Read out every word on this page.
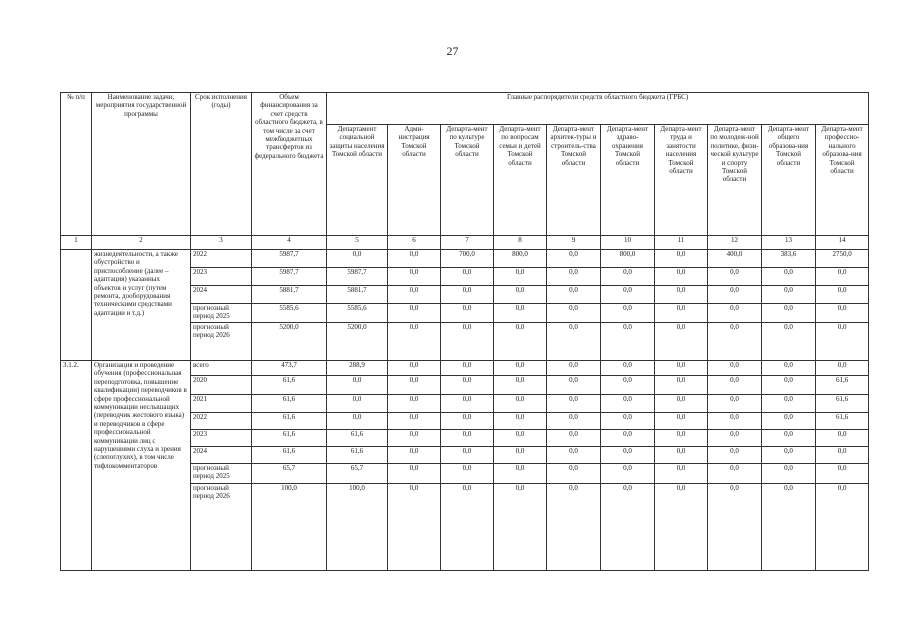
27
№ п/п	Наименование задачи, мероприятия государственной программы	Срок исполнения (годы)	Объем финансирования за счет средств областного бюджета, в том числе за счет межбюджетных трансфертов из федерального бюджета	Главные распорядители средств областного бюджета (ГРБС)									
				Департамент социальной защиты населения Томской области	Адми-нистрация Томской области	Департа-мент по культуре Томской области	Департа-мент по вопросам семьи и детей Томской области	Департа-мент архитек-туры и строитель-ства Томской области	Департа-мент здраво-охранения Томской области	Департа-мент труда и занятости населения Томской области	Департа-мент по молодеж-ной политике, физи-ческой культуре и спорту Томской области	Департа-мент общего образова-ния Томской области	Департа-мент профессио-нального образова-ния Томской области
1	2	3	4	5	6	7	8	9	10	11	12	13	14
	жизнедеятельности, а также обустройство и приспособление (далее – адаптация) указанных объектов и услуг (путем ремонта, дооборудования техническими средствами адаптации и т.д.)	2022	5987,7	0,0	0,0	700,0	800,0	0,0	800,0	0,0	400,0	383,6	2750,0
		2023	5987,7	5987,7	0,0	0,0	0,0	0,0	0,0	0,0	0,0	0,0	0,0
		2024	5881,7	5881,7	0,0	0,0	0,0	0,0	0,0	0,0	0,0	0,0	0,0
		прогнозный период 2025	5585,6	5585,6	0,0	0,0	0,0	0,0	0,0	0,0	0,0	0,0	0,0
		прогнозный период 2026	5200,0	5200,0	0,0	0,0	0,0	0,0	0,0	0,0	0,0	0,0	0,0
3.1.2.	Организация и проведение обучения (профессиональная переподготовка, повышение квалификации) переводчиков в сфере профессиональной коммуникации неслышащих (переводчик жестового языка) и переводчиков в сфере профессиональной коммуникации лиц с нарушениями слуха и зрения (слепоглухих), в том числе тифлокомментаторов	всего	473,7	288,9	0,0	0,0	0,0	0,0	0,0	0,0	0,0	0,0	0,0
		2020	61,6	0,0	0,0	0,0	0,0	0,0	0,0	0,0	0,0	0,0	61,6
		2021	61,6	0,0	0,0	0,0	0,0	0,0	0,0	0,0	0,0	0,0	61,6
		2022	61,6	0,0	0,0	0,0	0,0	0,0	0,0	0,0	0,0	0,0	61,6
		2023	61,6	61,6	0,0	0,0	0,0	0,0	0,0	0,0	0,0	0,0	0,0
		2024	61,6	61,6	0,0	0,0	0,0	0,0	0,0	0,0	0,0	0,0	0,0
		прогнозный период 2025	65,7	65,7	0,0	0,0	0,0	0,0	0,0	0,0	0,0	0,0	0,0
		прогнозный период 2026	100,0	100,0	0,0	0,0	0,0	0,0	0,0	0,0	0,0	0,0	0,0
